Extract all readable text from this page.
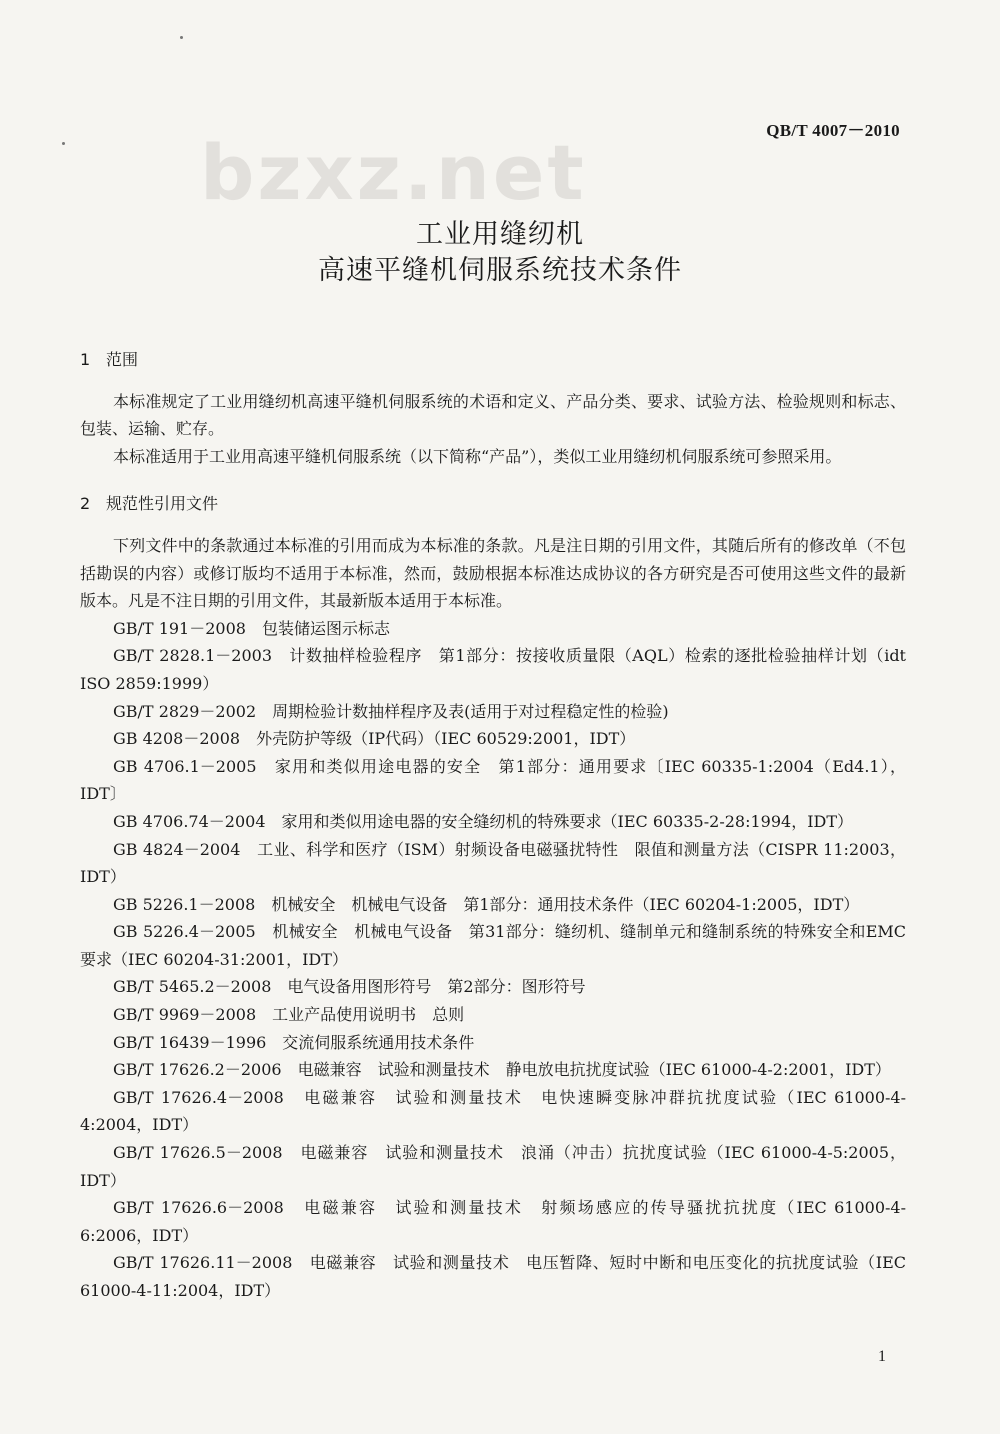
bzxz.net	QB/T 4007－2010
工业用缝纫机
高速平缝机伺服系统技术条件
1 范围

本标准规定了工业用缝纫机高速平缝机伺服系统的术语和定义、产品分类、要求、试验方法、检验规则和标志、包装、运输、贮存。

本标准适用于工业用高速平缝机伺服系统（以下简称“产品”），类似工业用缝纫机伺服系统可参照采用。

2 规范性引用文件

下列文件中的条款通过本标准的引用而成为本标准的条款。凡是注日期的引用文件，其随后所有的修改单（不包括勘误的内容）或修订版均不适用于本标准，然而，鼓励根据本标准达成协议的各方研究是否可使用这些文件的最新版本。凡是不注日期的引用文件，其最新版本适用于本标准。

GB/T 191－2008　包装储运图示标志

GB/T 2828.1－2003　计数抽样检验程序　第1部分：按接收质量限（AQL）检索的逐批检验抽样计划（idt ISO 2859:1999）

GB/T 2829－2002　周期检验计数抽样程序及表(适用于对过程稳定性的检验)

GB 4208－2008　外壳防护等级（IP代码）（IEC 60529:2001，IDT）

GB 4706.1－2005　家用和类似用途电器的安全　第1部分：通用要求〔IEC 60335-1:2004（Ed4.1），IDT〕

GB 4706.74－2004　家用和类似用途电器的安全缝纫机的特殊要求（IEC 60335-2-28:1994，IDT）

GB 4824－2004　工业、科学和医疗（ISM）射频设备电磁骚扰特性　限值和测量方法（CISPR 11:2003，IDT）

GB 5226.1－2008　机械安全　机械电气设备　第1部分：通用技术条件（IEC 60204-1:2005，IDT）

GB 5226.4－2005　机械安全　机械电气设备　第31部分：缝纫机、缝制单元和缝制系统的特殊安全和EMC要求（IEC 60204-31:2001，IDT）

GB/T 5465.2－2008　电气设备用图形符号　第2部分：图形符号

GB/T 9969－2008　工业产品使用说明书　总则

GB/T 16439－1996　交流伺服系统通用技术条件

GB/T 17626.2－2006　电磁兼容　试验和测量技术　静电放电抗扰度试验（IEC 61000-4-2:2001，IDT）

GB/T 17626.4－2008　电磁兼容　试验和测量技术　电快速瞬变脉冲群抗扰度试验（IEC 61000-4-4:2004，IDT）

GB/T 17626.5－2008　电磁兼容　试验和测量技术　浪涌（冲击）抗扰度试验（IEC 61000-4-5:2005，IDT）

GB/T 17626.6－2008　电磁兼容　试验和测量技术　射频场感应的传导骚扰抗扰度（IEC 61000-4-6:2006，IDT）

GB/T 17626.11－2008　电磁兼容　试验和测量技术　电压暂降、短时中断和电压变化的抗扰度试验（IEC 61000-4-11:2004，IDT）

1
